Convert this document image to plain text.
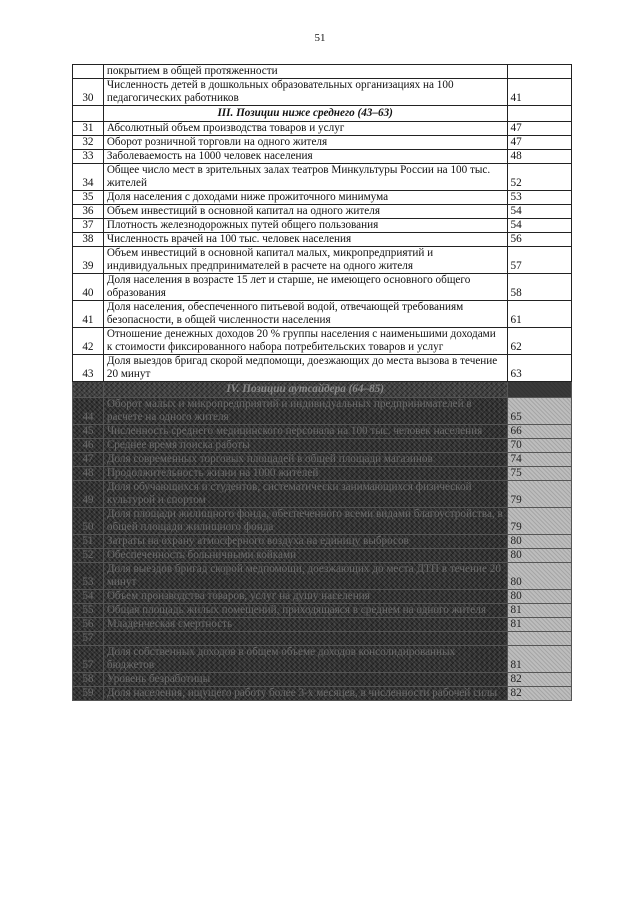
51
	покрытием в общей протяженности	
30	Численность детей в дошкольных образовательных организациях на 100 педагогических работников	41
	III. Позиции ниже среднего (43–63)	
31	Абсолютный объем производства товаров и услуг	47
32	Оборот розничной торговли на одного жителя	47
33	Заболеваемость на 1000 человек населения	48
34	Общее число мест в зрительных залах театров Минкультуры России на 100 тыс. жителей	52
35	Доля населения с доходами ниже прожиточного минимума	53
36	Объем инвестиций в основной капитал на одного жителя	54
37	Плотность железнодорожных путей общего пользования	54
38	Численность врачей на 100 тыс. человек населения	56
39	Объем инвестиций в основной капитал малых, микропредприятий и индивидуальных предпринимателей в расчете на одного жителя	57
40	Доля населения в возрасте 15 лет и старше, не имеющего основного общего образования	58
41	Доля населения, обеспеченного питьевой водой, отвечающей требованиям безопасности, в общей численности населения	61
42	Отношение денежных доходов 20 % группы населения с наименьшими доходами к стоимости фиксированного набора потребительских товаров и услуг	62
43	Доля выездов бригад скорой медпомощи, доезжающих до места вызова в течение 20 минут	63
	IV. Позиции аутсайдера (64–85)	
44	Оборот малых и микропредприятий и индивидуальных предпринимателей в расчете на одного жителя	65
45	Численность среднего медицинского персонала на 100 тыс. человек населения	66
46	Среднее время поиска работы	70
47	Доля современных торговых площадей в общей площади магазинов	74
48	Продолжительность жизни на 1000 жителей	75
49	Доля обучающихся и студентов, систематически занимающихся физической культурой и спортом	79
50	Доля площади жилищного фонда, обеспеченного всеми видами благоустройства, в общей площади жилищного фонда	79
51	Затраты на охрану атмосферного воздуха на единицу выбросов	80
52	Обеспеченность больничными койками	80
53	Доля выездов бригад скорой медпомощи, доезжающих до места ДТП в течение 20 минут	80
54	Объем производства товаров, услуг на душу населения	80
55	Общая площадь жилых помещений, приходящаяся в среднем на одного жителя	81
56	Младенческая смертность	81
57		
57	Доля собственных доходов в общем объеме доходов консолидированных бюджетов	81
58	Уровень безработицы	82
59	Доля населения, ищущего работу более 3-х месяцев, в численности рабочей силы	82
